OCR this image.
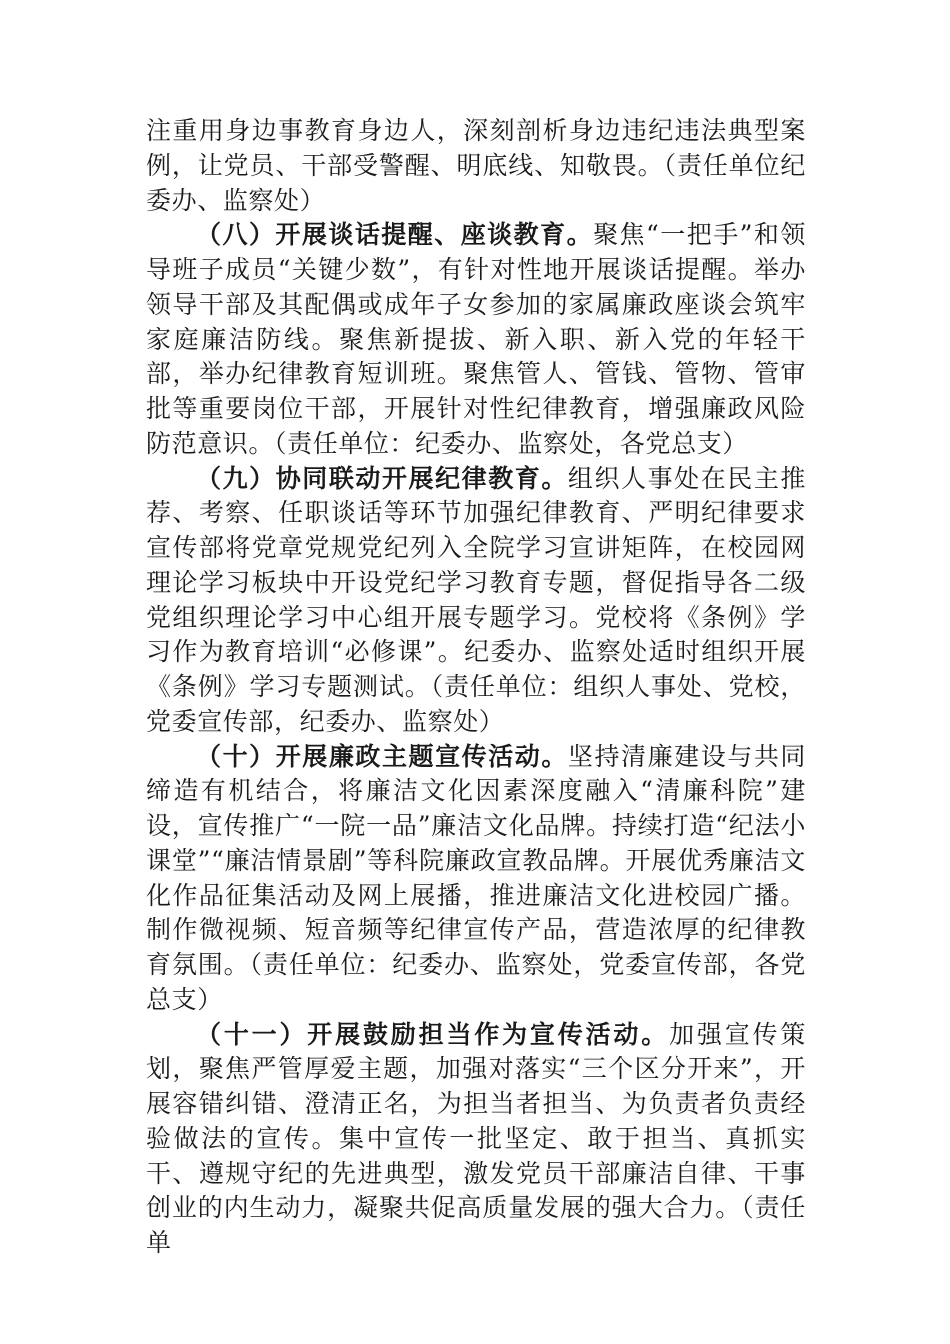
注重用身边事教育身边人，深刻剖析身边违纪违法典型案例，让党员、干部受警醒、明底线、知敬畏。（责任单位纪委办、监察处）

（八）开展谈话提醒、座谈教育。聚焦“一把手”和领导班子成员“关键少数”，有针对性地开展谈话提醒。举办领导干部及其配偶或成年子女参加的家属廉政座谈会筑牢家庭廉洁防线。聚焦新提拔、新入职、新入党的年轻干部，举办纪律教育短训班。聚焦管人、管钱、管物、管审批等重要岗位干部，开展针对性纪律教育，增强廉政风险防范意识。（责任单位：纪委办、监察处，各党总支）

（九）协同联动开展纪律教育。组织人事处在民主推荐、考察、任职谈话等环节加强纪律教育、严明纪律要求宣传部将党章党规党纪列入全院学习宣讲矩阵，在校园网理论学习板块中开设党纪学习教育专题，督促指导各二级党组织理论学习中心组开展专题学习。党校将《条例》学习作为教育培训“必修课”。纪委办、监察处适时组织开展《条例》学习专题测试。（责任单位：组织人事处、党校，党委宣传部，纪委办、监察处）

（十）开展廉政主题宣传活动。坚持清廉建设与共同缔造有机结合，将廉洁文化因素深度融入“清廉科院”建设，宣传推广“一院一品”廉洁文化品牌。持续打造“纪法小课堂”“廉洁情景剧”等科院廉政宣教品牌。开展优秀廉洁文化作品征集活动及网上展播，推进廉洁文化进校园广播。制作微视频、短音频等纪律宣传产品，营造浓厚的纪律教育氛围。（责任单位：纪委办、监察处，党委宣传部，各党总支）

（十一）开展鼓励担当作为宣传活动。加强宣传策划，聚焦严管厚爱主题，加强对落实“三个区分开来”，开展容错纠错、澄清正名，为担当者担当、为负责者负责经验做法的宣传。集中宣传一批坚定、敢于担当、真抓实干、遵规守纪的先进典型，激发党员干部廉洁自律、干事创业的内生动力，凝聚共促高质量发展的强大合力。（责任单
